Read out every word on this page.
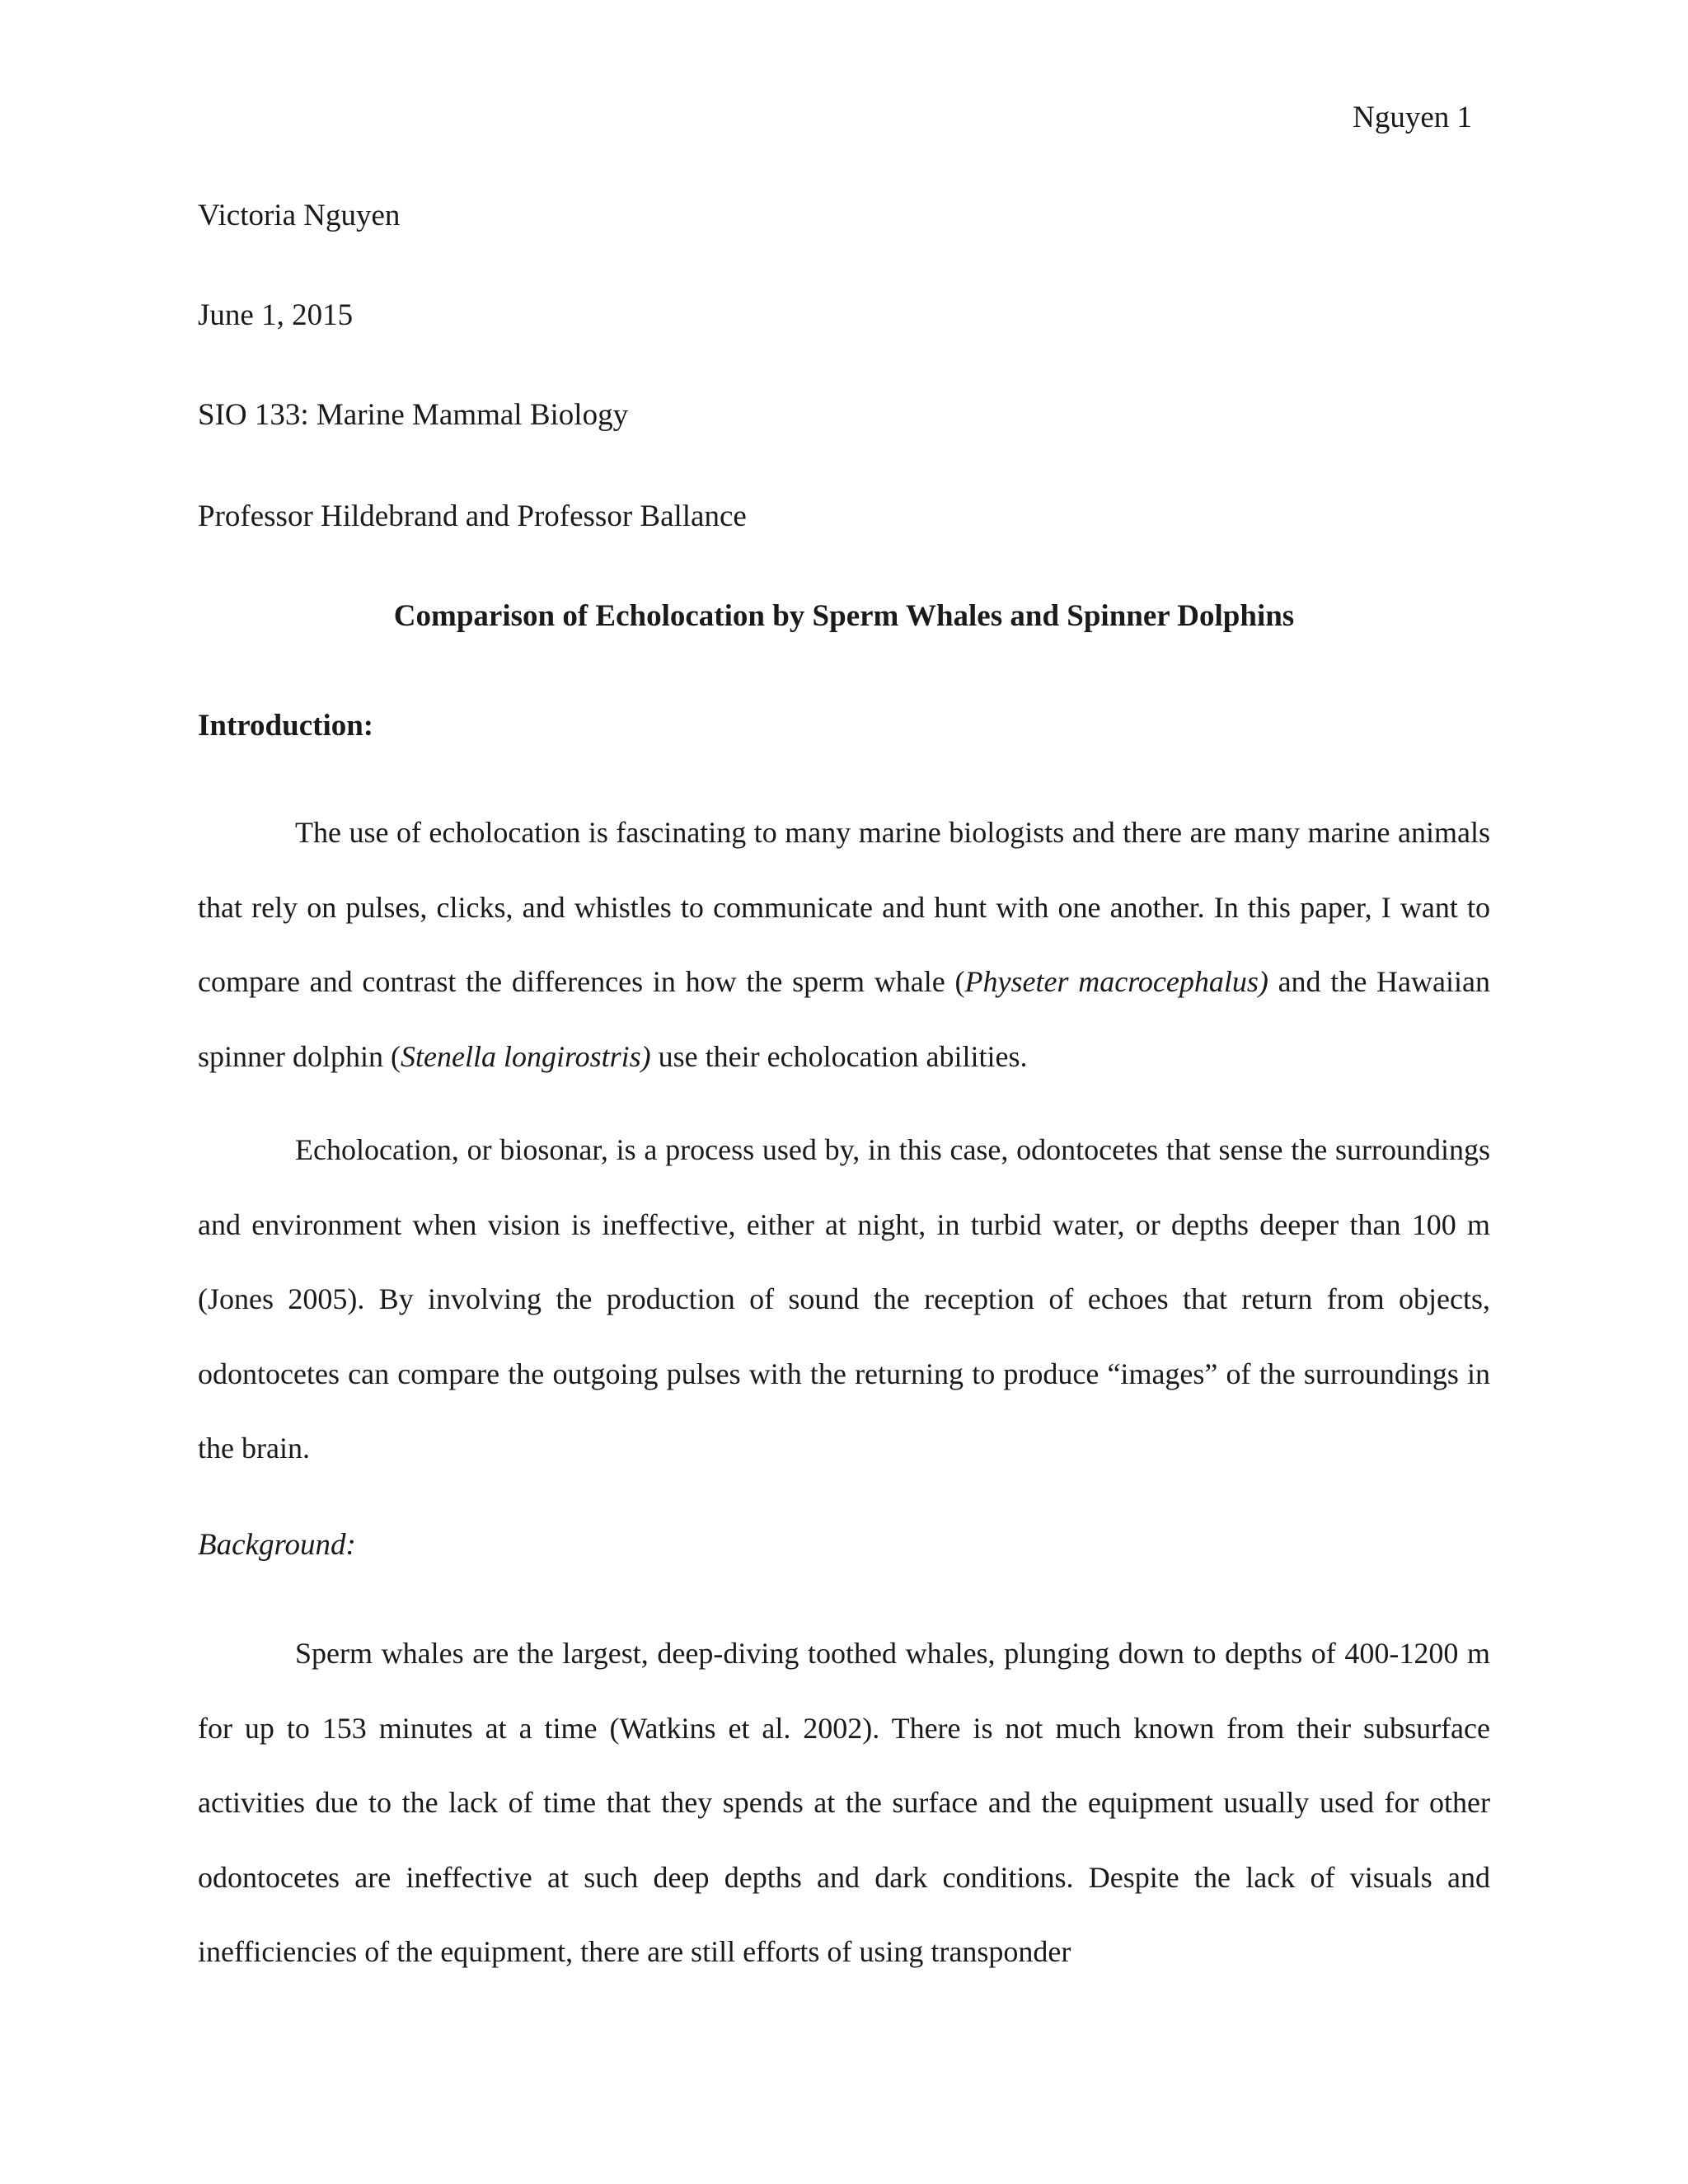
Nguyen 1
Victoria Nguyen
June 1, 2015
SIO 133: Marine Mammal Biology
Professor Hildebrand and Professor Ballance
Comparison of Echolocation by Sperm Whales and Spinner Dolphins
Introduction:

The use of echolocation is fascinating to many marine biologists and there are many marine animals that rely on pulses, clicks, and whistles to communicate and hunt with one another. In this paper, I want to compare and contrast the differences in how the sperm whale (Physeter macrocephalus) and the Hawaiian spinner dolphin (Stenella longirostris) use their echolocation abilities.

Echolocation, or biosonar, is a process used by, in this case, odontocetes that sense the surroundings and environment when vision is ineffective, either at night, in turbid water, or depths deeper than 100 m (Jones 2005). By involving the production of sound the reception of echoes that return from objects, odontocetes can compare the outgoing pulses with the returning to produce “images” of the surroundings in the brain.

Background:

Sperm whales are the largest, deep-diving toothed whales, plunging down to depths of 400-1200 m for up to 153 minutes at a time (Watkins et al. 2002). There is not much known from their subsurface activities due to the lack of time that they spends at the surface and the equipment usually used for other odontocetes are ineffective at such deep depths and dark conditions. Despite the lack of visuals and inefficiencies of the equipment, there are still efforts of using transponder
